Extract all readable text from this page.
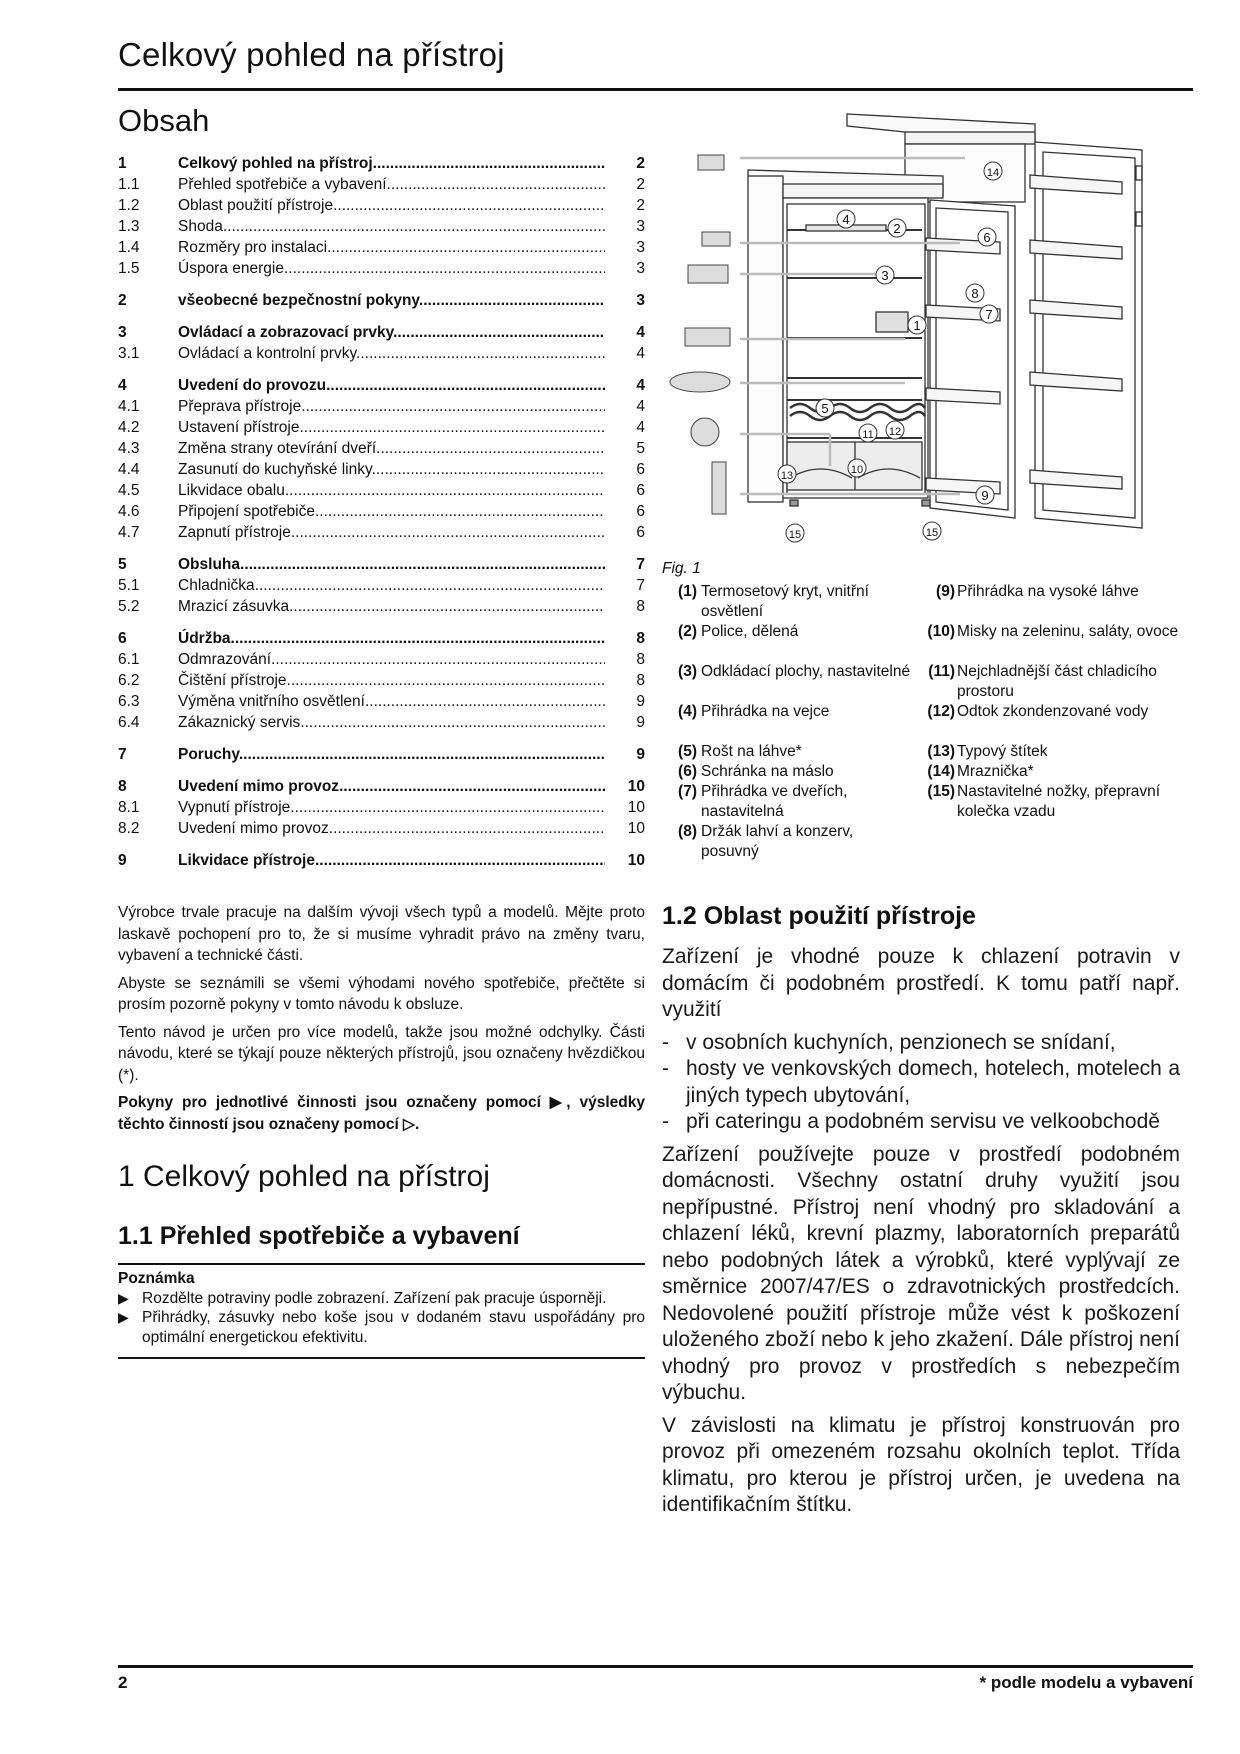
Celkový pohled na přístroj
Obsah
1	Celkový pohled na přístroj .....	2
1.1	Přehled spotřebiče a vybavení .....	2
1.2	Oblast použití přístroje .....	2
1.3	Shoda .....	3
1.4	Rozměry pro instalaci .....	3
1.5	Úspora energie .....	3
2	všeobecné bezpečnostní pokyny .....	3
3	Ovládací a zobrazovací prvky .....	4
3.1	Ovládací a kontrolní prvky .....	4
4	Uvedení do provozu .....	4
4.1	Přeprava přístroje .....	4
4.2	Ustavení přístroje .....	4
4.3	Změna strany otevírání dveří .....	5
4.4	Zasunutí do kuchyňské linky .....	6
4.5	Likvidace obalu .....	6
4.6	Připojení spotřebiče .....	6
4.7	Zapnutí přístroje .....	6
5	Obsluha .....	7
5.1	Chladnička .....	7
5.2	Mrazicí zásuvka .....	8
6	Údržba .....	8
6.1	Odmrazování .....	8
6.2	Čištění přístroje .....	8
6.3	Výměna vnitřního osvětlení .....	9
6.4	Zákaznický servis .....	9
7	Poruchy .....	9
8	Uvedení mimo provoz .....	10
8.1	Vypnutí přístroje .....	10
8.2	Uvedení mimo provoz .....	10
9	Likvidace přístroje .....	10

Výrobce trvale pracuje na dalším vývoji všech typů a modelů. Mějte proto laskavě pochopení pro to, že si musíme vyhradit právo na změny tvaru, vybavení a technické části.

Abyste se seznámili se všemi výhodami nového spotřebiče, přečtěte si prosím pozorně pokyny v tomto návodu k obsluze.

Tento návod je určen pro více modelů, takže jsou možné odchylky. Části návodu, které se týkají pouze některých přístrojů, jsou označeny hvězdičkou (*).

Pokyny pro jednotlivé činnosti jsou označeny pomocí ▶, výsledky těchto činností jsou označeny pomocí ▷.

1 Celkový pohled na přístroj
1.1 Přehled spotřebiče a vybavení
Poznámka
▶ Rozdělte potraviny podle zobrazení. Zařízení pak pracuje úsporněji.
▶ Přihrádky, zásuvky nebo koše jsou v dodaném stavu uspořádány pro optimální energetickou efektivitu.
1
2
3
4
5
6
7
8
9
10
11 12
13
14
15	15
Fig. 1
(1) Termosetový kryt, vnitřní osvětlení
(2) Police, dělená
(3) Odkládací plochy, nastavitelné
(4) Přihrádka na vejce
(5) Rošt na láhve*
(6) Schránka na máslo
(7) Přihrádka ve dveřích, nastavitelná
(8) Držák lahví a konzerv, posuvný
(9) Přihrádka na vysoké láhve
(10) Misky na zeleninu, saláty, ovoce
(11) Nejchladnější část chladicího prostoru
(12) Odtok zkondenzované vody
(13) Typový štítek
(14) Mraznička*
(15) Nastavitelné nožky, přepravní kolečka vzadu
1.2 Oblast použití přístroje

Zařízení je vhodné pouze k chlazení potravin v domácím či podobném prostředí. K tomu patří např. využití

- v osobních kuchyních, penzionech se snídaní,
- hosty ve venkovských domech, hotelech, motelech a jiných typech ubytování,
- při cateringu a podobném servisu ve velkoobchodě

Zařízení používejte pouze v prostředí podobném domácnosti. Všechny ostatní druhy využití jsou nepřípustné. Přístroj není vhodný pro skladování a chlazení léků, krevní plazmy, laboratorních preparátů nebo podobných látek a výrobků, které vyplývají ze směrnice 2007/47/ES o zdravotnických prostředcích. Nedovolené použití přístroje může vést k poškození uloženého zboží nebo k jeho zkažení. Dále přístroj není vhodný pro provoz v prostředích s nebezpečím výbuchu.

V závislosti na klimatu je přístroj konstruován pro provoz při omezeném rozsahu okolních teplot. Třída klimatu, pro kterou je přístroj určen, je uvedena na identifikačním štítku.

2	* podle modelu a vybavení
